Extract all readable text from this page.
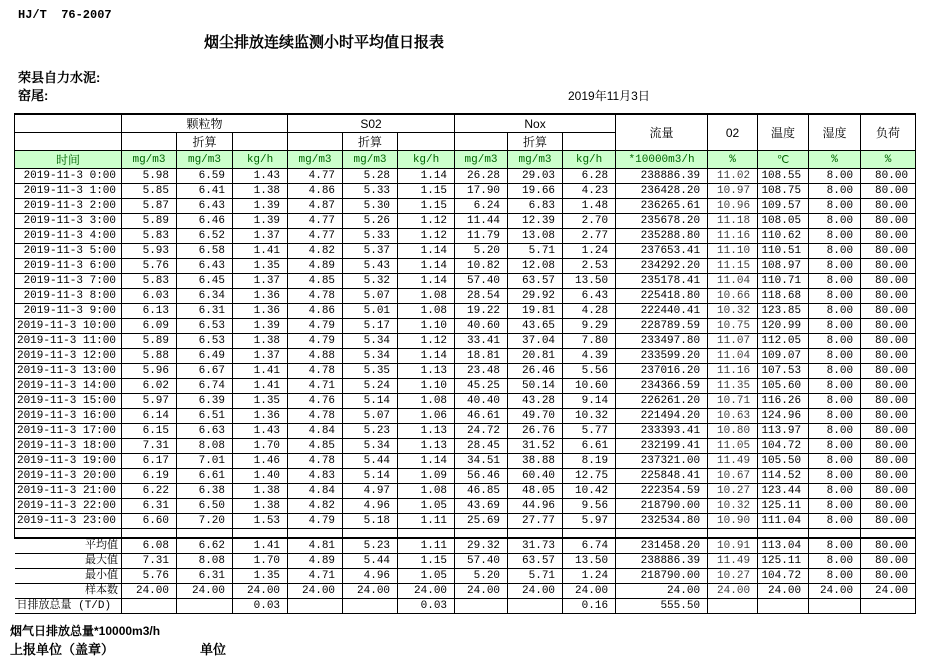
HJ/T  76-2007
烟尘排放连续监测小时平均值日报表
荣县自力水泥:
窑尾:	2019年11月3日
	颗粒物			S02			Nox			流量	02	温度	湿度	负荷
		折算			折算			折算						
时间	mg/m3	mg/m3	kg/h	mg/m3	mg/m3	kg/h	mg/m3	mg/m3	kg/h	*10000m3/h	%	℃	%	%
2019-11-3 0:00	5.98	6.59	1.43	4.77	5.28	1.14	26.28	29.03	6.28	238886.39	11.02	108.55	8.00	80.00
2019-11-3 1:00	5.85	6.41	1.38	4.86	5.33	1.15	17.90	19.66	4.23	236428.20	10.97	108.75	8.00	80.00
2019-11-3 2:00	5.87	6.43	1.39	4.87	5.30	1.15	6.24	6.83	1.48	236265.61	10.96	109.57	8.00	80.00
2019-11-3 3:00	5.89	6.46	1.39	4.77	5.26	1.12	11.44	12.39	2.70	235678.20	11.18	108.05	8.00	80.00
2019-11-3 4:00	5.83	6.52	1.37	4.77	5.33	1.12	11.79	13.08	2.77	235288.80	11.16	110.62	8.00	80.00
2019-11-3 5:00	5.93	6.58	1.41	4.82	5.37	1.14	5.20	5.71	1.24	237653.41	11.10	110.51	8.00	80.00
2019-11-3 6:00	5.76	6.43	1.35	4.89	5.43	1.14	10.82	12.08	2.53	234292.20	11.15	108.97	8.00	80.00
2019-11-3 7:00	5.83	6.45	1.37	4.85	5.32	1.14	57.40	63.57	13.50	235178.41	11.04	110.71	8.00	80.00
2019-11-3 8:00	6.03	6.34	1.36	4.78	5.07	1.08	28.54	29.92	6.43	225418.80	10.66	118.68	8.00	80.00
2019-11-3 9:00	6.13	6.31	1.36	4.86	5.01	1.08	19.22	19.81	4.28	222440.41	10.32	123.85	8.00	80.00
2019-11-3 10:00	6.09	6.53	1.39	4.79	5.17	1.10	40.60	43.65	9.29	228789.59	10.75	120.99	8.00	80.00
2019-11-3 11:00	5.89	6.53	1.38	4.79	5.34	1.12	33.41	37.04	7.80	233497.80	11.07	112.05	8.00	80.00
2019-11-3 12:00	5.88	6.49	1.37	4.88	5.34	1.14	18.81	20.81	4.39	233599.20	11.04	109.07	8.00	80.00
2019-11-3 13:00	5.96	6.67	1.41	4.78	5.35	1.13	23.48	26.46	5.56	237016.20	11.16	107.53	8.00	80.00
2019-11-3 14:00	6.02	6.74	1.41	4.71	5.24	1.10	45.25	50.14	10.60	234366.59	11.35	105.60	8.00	80.00
2019-11-3 15:00	5.97	6.39	1.35	4.76	5.14	1.08	40.40	43.28	9.14	226261.20	10.71	116.26	8.00	80.00
2019-11-3 16:00	6.14	6.51	1.36	4.78	5.07	1.06	46.61	49.70	10.32	221494.20	10.63	124.96	8.00	80.00
2019-11-3 17:00	6.15	6.63	1.43	4.84	5.23	1.13	24.72	26.76	5.77	233393.41	10.80	113.97	8.00	80.00
2019-11-3 18:00	7.31	8.08	1.70	4.85	5.34	1.13	28.45	31.52	6.61	232199.41	11.05	104.72	8.00	80.00
2019-11-3 19:00	6.17	7.01	1.46	4.78	5.44	1.14	34.51	38.88	8.19	237321.00	11.49	105.50	8.00	80.00
2019-11-3 20:00	6.19	6.61	1.40	4.83	5.14	1.09	56.46	60.40	12.75	225848.41	10.67	114.52	8.00	80.00
2019-11-3 21:00	6.22	6.38	1.38	4.84	4.97	1.08	46.85	48.05	10.42	222354.59	10.27	123.44	8.00	80.00
2019-11-3 22:00	6.31	6.50	1.38	4.82	4.96	1.05	43.69	44.96	9.56	218790.00	10.32	125.11	8.00	80.00
2019-11-3 23:00	6.60	7.20	1.53	4.79	5.18	1.11	25.69	27.77	5.97	232534.80	10.90	111.04	8.00	80.00

平均值	6.08	6.62	1.41	4.81	5.23	1.11	29.32	31.73	6.74	231458.20	10.91	113.04	8.00	80.00
最大值	7.31	8.08	1.70	4.89	5.44	1.15	57.40	63.57	13.50	238886.39	11.49	125.11	8.00	80.00
最小值	5.76	6.31	1.35	4.71	4.96	1.05	5.20	5.71	1.24	218790.00	10.27	104.72	8.00	80.00
样本数	24.00	24.00	24.00	24.00	24.00	24.00	24.00	24.00	24.00	24.00	24.00	24.00	24.00	24.00
日排放总量 (T/D)			0.03			0.03			0.16	555.50				
烟气日排放总量*10000m3/h
上报单位（盖章）	单位
